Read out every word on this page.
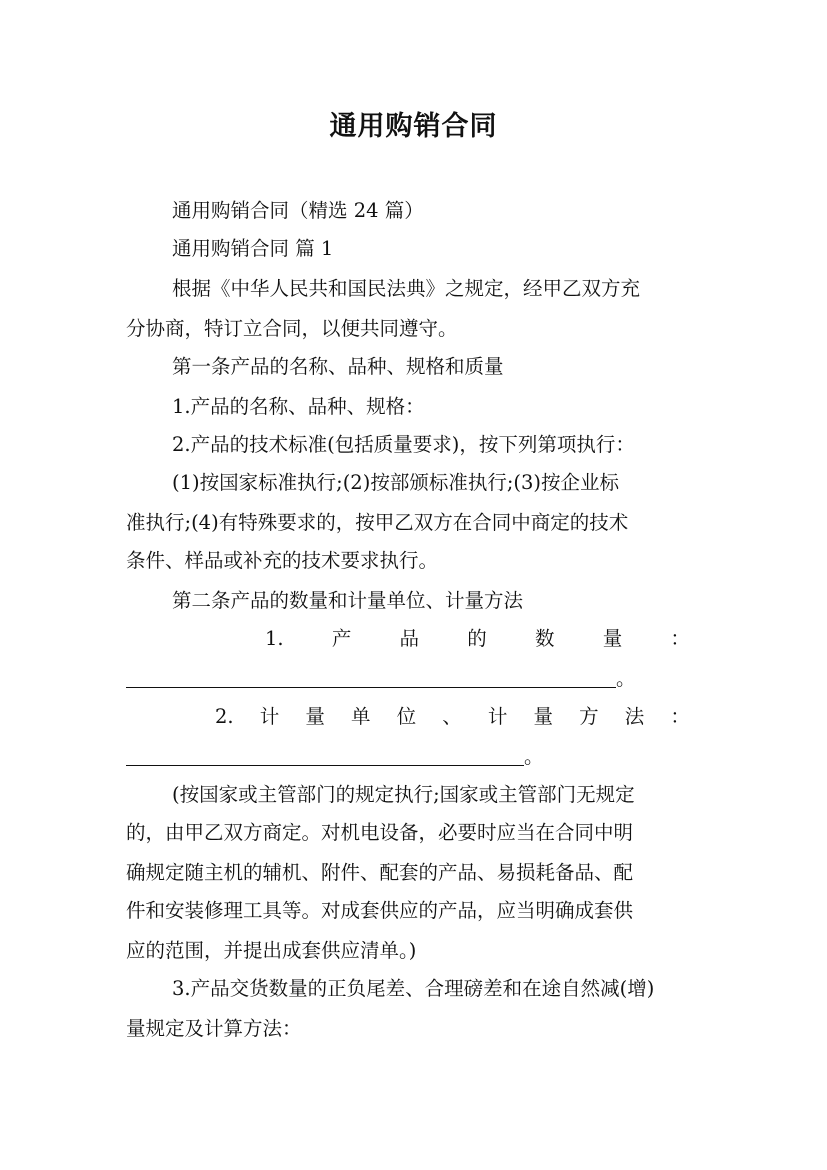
通用购销合同
通用购销合同（精选 24 篇）
通用购销合同 篇 1
根据《中华人民共和国民法典》之规定，经甲乙双方充
分协商，特订立合同，以便共同遵守。
第一条产品的名称、品种、规格和质量
1.产品的名称、品种、规格：
2.产品的技术标准(包括质量要求)，按下列第项执行：
(1)按国家标准执行;(2)按部颁标准执行;(3)按企业标
准执行;(4)有特殊要求的，按甲乙双方在合同中商定的技术
条件、样品或补充的技术要求执行。
第二条产品的数量和计量单位、计量方法
1. 产 品 的 数 量 ：
。
2. 计 量 单 位 、 计 量 方 法 ：
。
(按国家或主管部门的规定执行;国家或主管部门无规定
的，由甲乙双方商定。对机电设备，必要时应当在合同中明
确规定随主机的辅机、附件、配套的产品、易损耗备品、配
件和安装修理工具等。对成套供应的产品，应当明确成套供
应的范围，并提出成套供应清单。)
3.产品交货数量的正负尾差、合理磅差和在途自然减(增)
量规定及计算方法：
